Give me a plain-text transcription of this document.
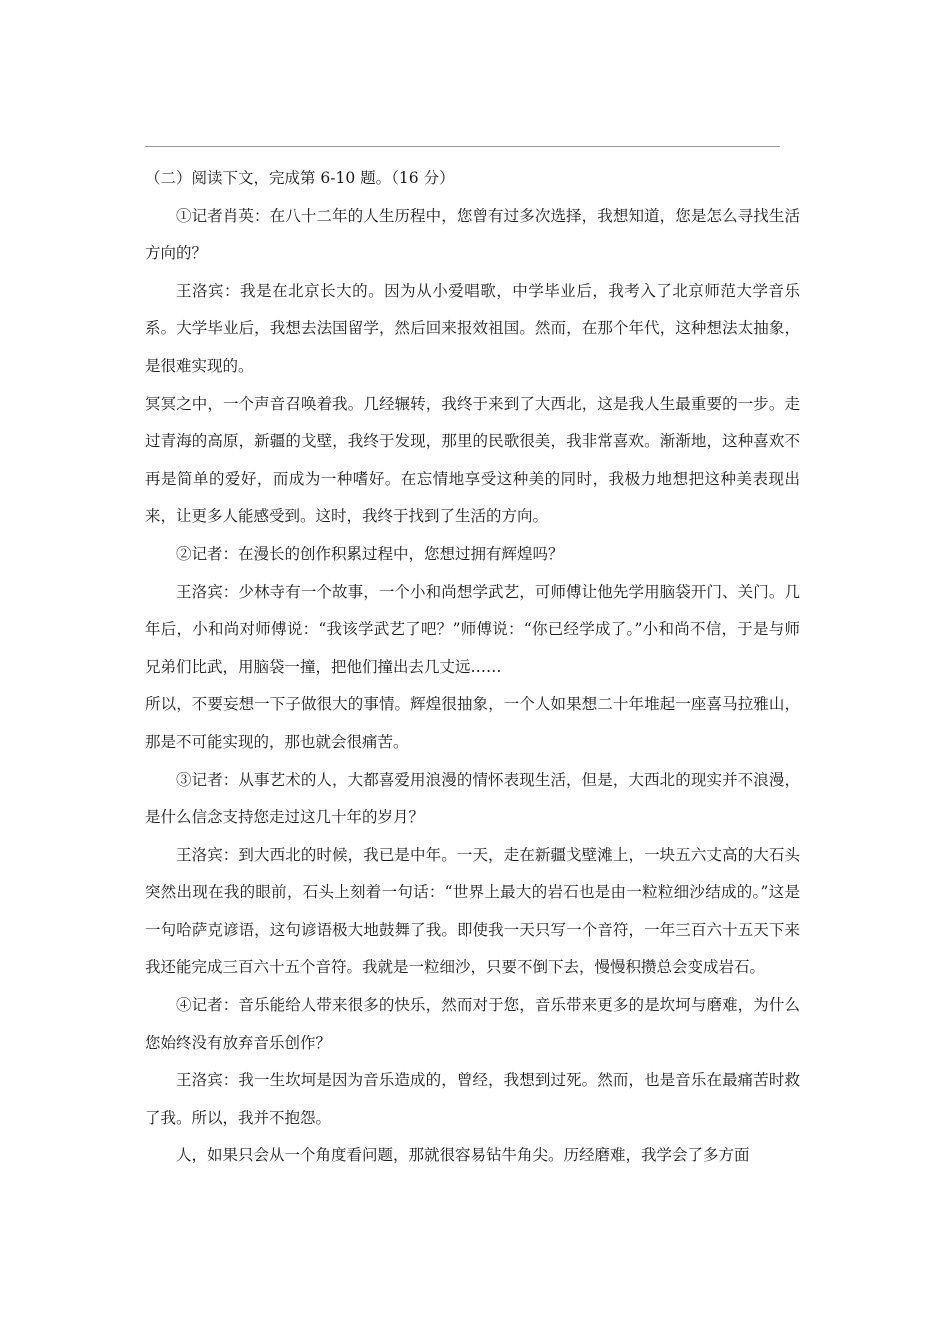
（二）阅读下文，完成第 6-10 题。（16 分）

①记者肖英：在八十二年的人生历程中，您曾有过多次选择，我想知道，您是怎么寻找生活方向的？

王洛宾：我是在北京长大的。因为从小爱唱歌，中学毕业后，我考入了北京师范大学音乐系。大学毕业后，我想去法国留学，然后回来报效祖国。然而，在那个年代，这种想法太抽象，是很难实现的。

冥冥之中，一个声音召唤着我。几经辗转，我终于来到了大西北，这是我人生最重要的一步。走过青海的高原，新疆的戈壁，我终于发现，那里的民歌很美，我非常喜欢。渐渐地，这种喜欢不再是简单的爱好，而成为一种嗜好。在忘情地享受这种美的同时，我极力地想把这种美表现出来，让更多人能感受到。这时，我终于找到了生活的方向。

②记者：在漫长的创作积累过程中，您想过拥有辉煌吗？

王洛宾：少林寺有一个故事，一个小和尚想学武艺，可师傅让他先学用脑袋开门、关门。几年后，小和尚对师傅说：“我该学武艺了吧？”师傅说：“你已经学成了。”小和尚不信，于是与师兄弟们比武，用脑袋一撞，把他们撞出去几丈远……

所以，不要妄想一下子做很大的事情。辉煌很抽象，一个人如果想二十年堆起一座喜马拉雅山，那是不可能实现的，那也就会很痛苦。

③记者：从事艺术的人，大都喜爱用浪漫的情怀表现生活，但是，大西北的现实并不浪漫，是什么信念支持您走过这几十年的岁月？

王洛宾：到大西北的时候，我已是中年。一天，走在新疆戈壁滩上，一块五六丈高的大石头突然出现在我的眼前，石头上刻着一句话：“世界上最大的岩石也是由一粒粒细沙结成的。”这是一句哈萨克谚语，这句谚语极大地鼓舞了我。即使我一天只写一个音符，一年三百六十五天下来我还能完成三百六十五个音符。我就是一粒细沙，只要不倒下去，慢慢积攒总会变成岩石。

④记者：音乐能给人带来很多的快乐，然而对于您，音乐带来更多的是坎坷与磨难，为什么您始终没有放弃音乐创作？

王洛宾：我一生坎坷是因为音乐造成的，曾经，我想到过死。然而，也是音乐在最痛苦时救了我。所以，我并不抱怨。

人，如果只会从一个角度看问题，那就很容易钻牛角尖。历经磨难，我学会了多方面
